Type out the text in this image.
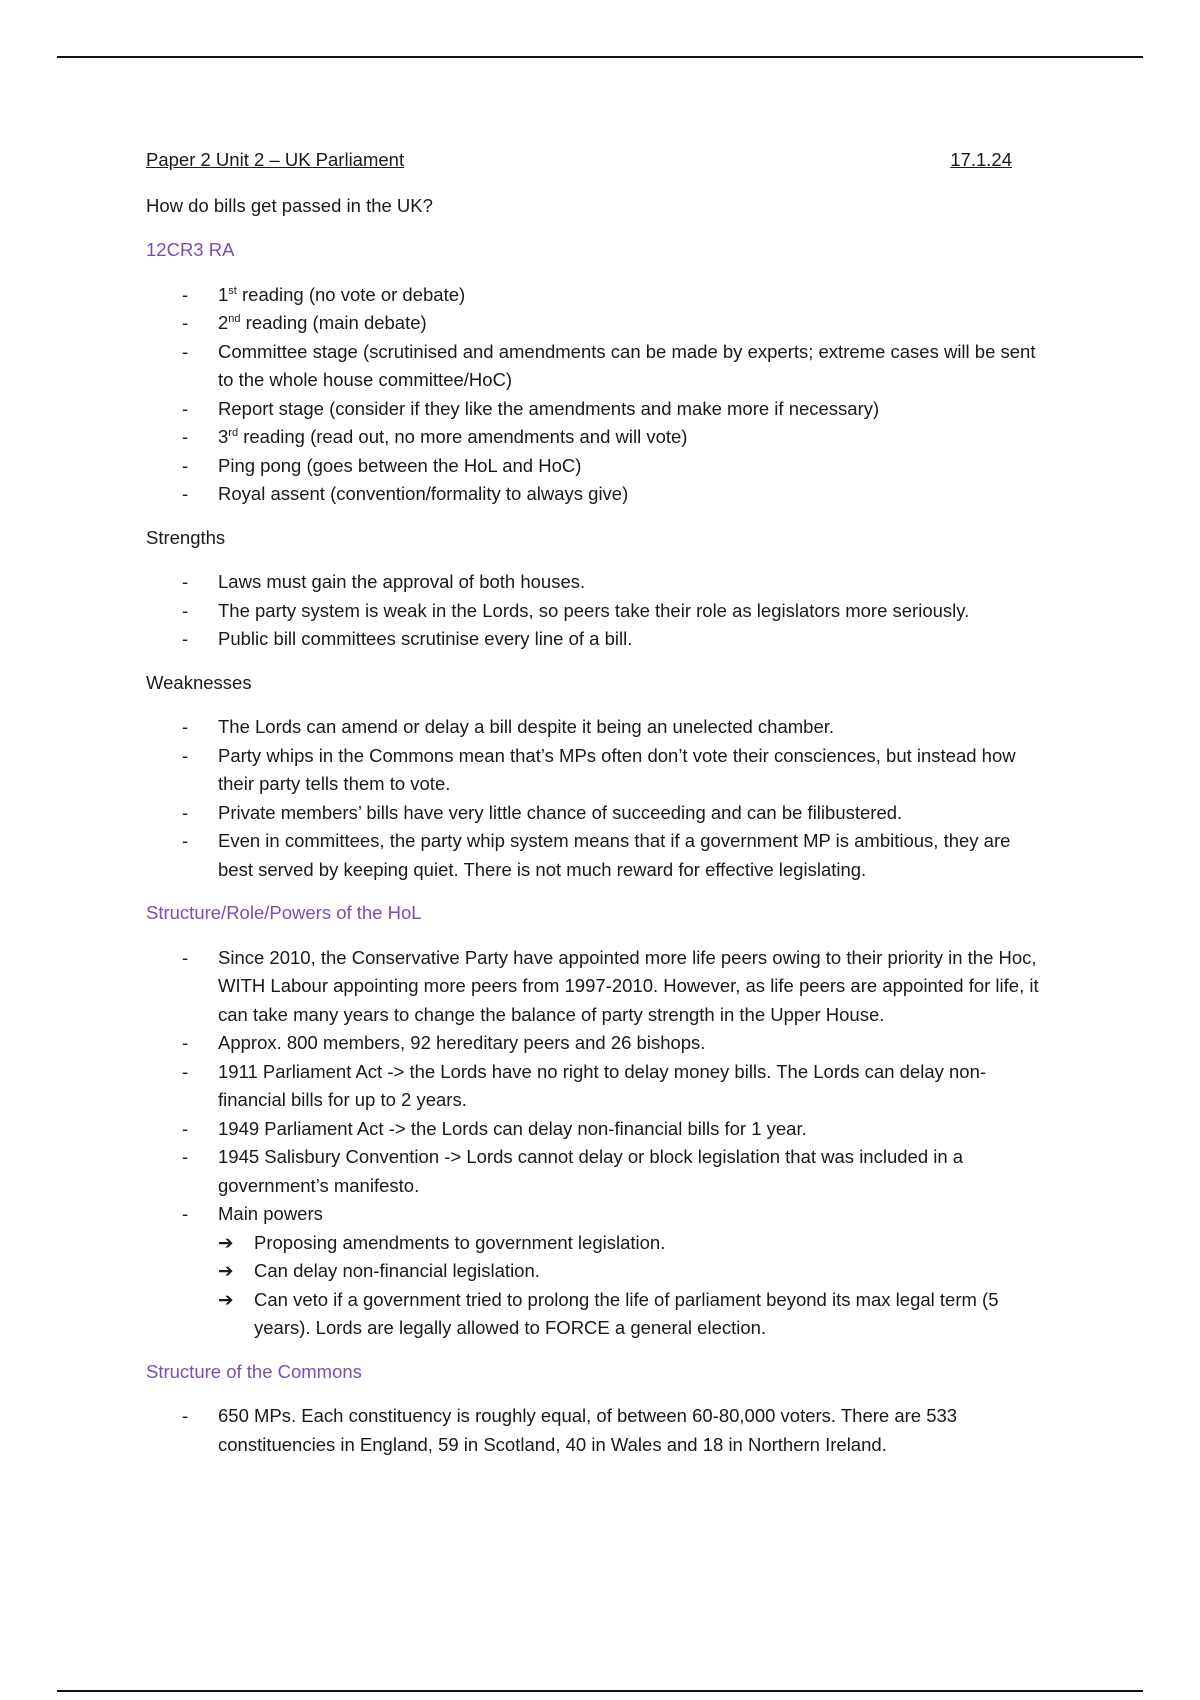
Paper 2 Unit 2 – UK Parliament	17.1.24

How do bills get passed in the UK?

12CR3 RA

- 1st reading (no vote or debate)
- 2nd reading (main debate)
- Committee stage (scrutinised and amendments can be made by experts; extreme cases will be sent to the whole house committee/HoC)
- Report stage (consider if they like the amendments and make more if necessary)
- 3rd reading (read out, no more amendments and will vote)
- Ping pong (goes between the HoL and HoC)
- Royal assent (convention/formality to always give)

Strengths

- Laws must gain the approval of both houses.
- The party system is weak in the Lords, so peers take their role as legislators more seriously.
- Public bill committees scrutinise every line of a bill.

Weaknesses

- The Lords can amend or delay a bill despite it being an unelected chamber.
- Party whips in the Commons mean that’s MPs often don’t vote their consciences, but instead how their party tells them to vote.
- Private members’ bills have very little chance of succeeding and can be filibustered.
- Even in committees, the party whip system means that if a government MP is ambitious, they are best served by keeping quiet. There is not much reward for effective legislating.

Structure/Role/Powers of the HoL

- Since 2010, the Conservative Party have appointed more life peers owing to their priority in the Hoc, WITH Labour appointing more peers from 1997-2010. However, as life peers are appointed for life, it can take many years to change the balance of party strength in the Upper House.
- Approx. 800 members, 92 hereditary peers and 26 bishops.
- 1911 Parliament Act -> the Lords have no right to delay money bills. The Lords can delay non-financial bills for up to 2 years.
- 1949 Parliament Act -> the Lords can delay non-financial bills for 1 year.
- 1945 Salisbury Convention -> Lords cannot delay or block legislation that was included in a government’s manifesto.
- Main powers
➔ Proposing amendments to government legislation.
➔ Can delay non-financial legislation.
➔ Can veto if a government tried to prolong the life of parliament beyond its max legal term (5 years). Lords are legally allowed to FORCE a general election.

Structure of the Commons

- 650 MPs. Each constituency is roughly equal, of between 60-80,000 voters. There are 533 constituencies in England, 59 in Scotland, 40 in Wales and 18 in Northern Ireland.
